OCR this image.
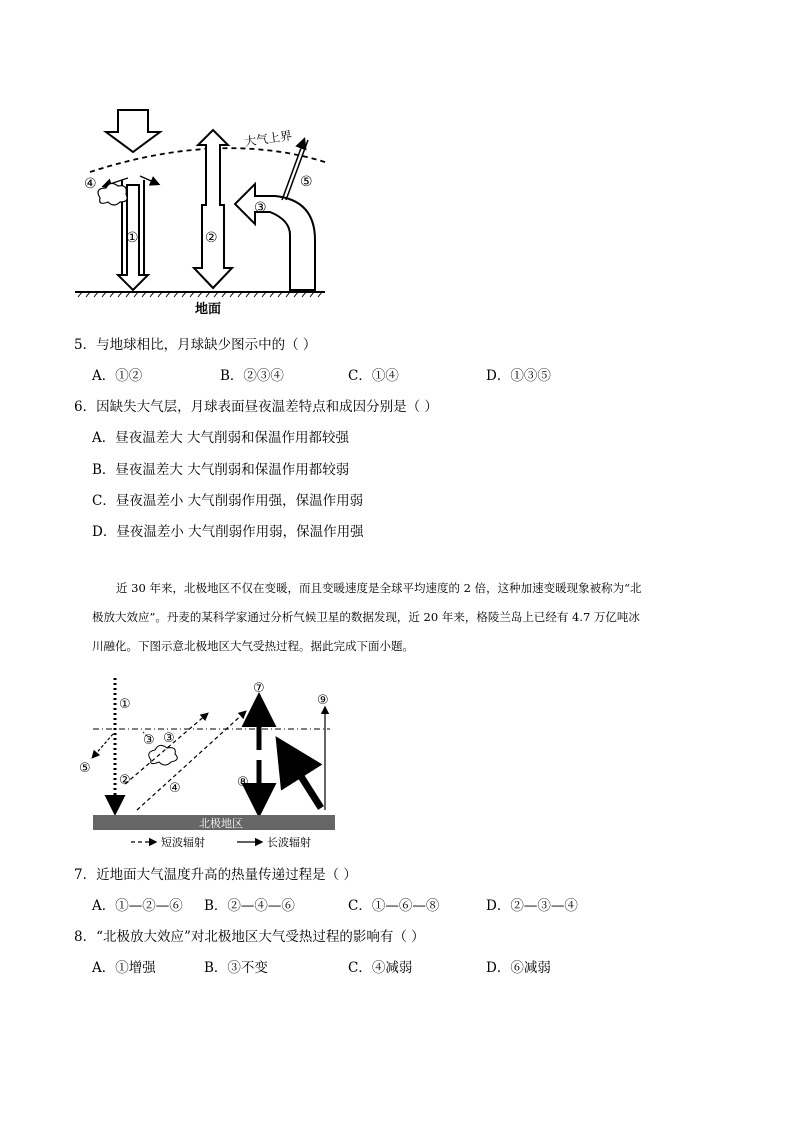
大气上界
④
①	②
③
⑤
地面
5．与地球相比，月球缺少图示中的（ ）
A．①②	B．②③④	C．①④	D．①③⑤
6．因缺失大气层，月球表面昼夜温差特点和成因分别是（ ）
A．昼夜温差大 大气削弱和保温作用都较强
B．昼夜温差大 大气削弱和保温作用都较弱
C．昼夜温差小 大气削弱作用强，保温作用弱
D．昼夜温差小 大气削弱作用弱，保温作用强
近 30 年来，北极地区不仅在变暖，而且变暖速度是全球平均速度的 2 倍，这种加速变暖现象被称为“北
极放大效应”。丹麦的某科学家通过分析气候卫星的数据发现，近 20 年来，格陵兰岛上已经有 4.7 万亿吨冰
川融化。下图示意北极地区大气受热过程。据此完成下面小题。
①
②
⑤
③ ③
④
⑦
⑧
⑥
⑨
北极地区
短波辐射	长波辐射
7．近地面大气温度升高的热量传递过程是（ ）
A．①—②—⑥ B．②—④—⑥	C．①—⑥—⑧	D．②—③—④
8．“北极放大效应”对北极地区大气受热过程的影响有（ ）
A．①增强	B．③不变	C．④减弱	D．⑥减弱
